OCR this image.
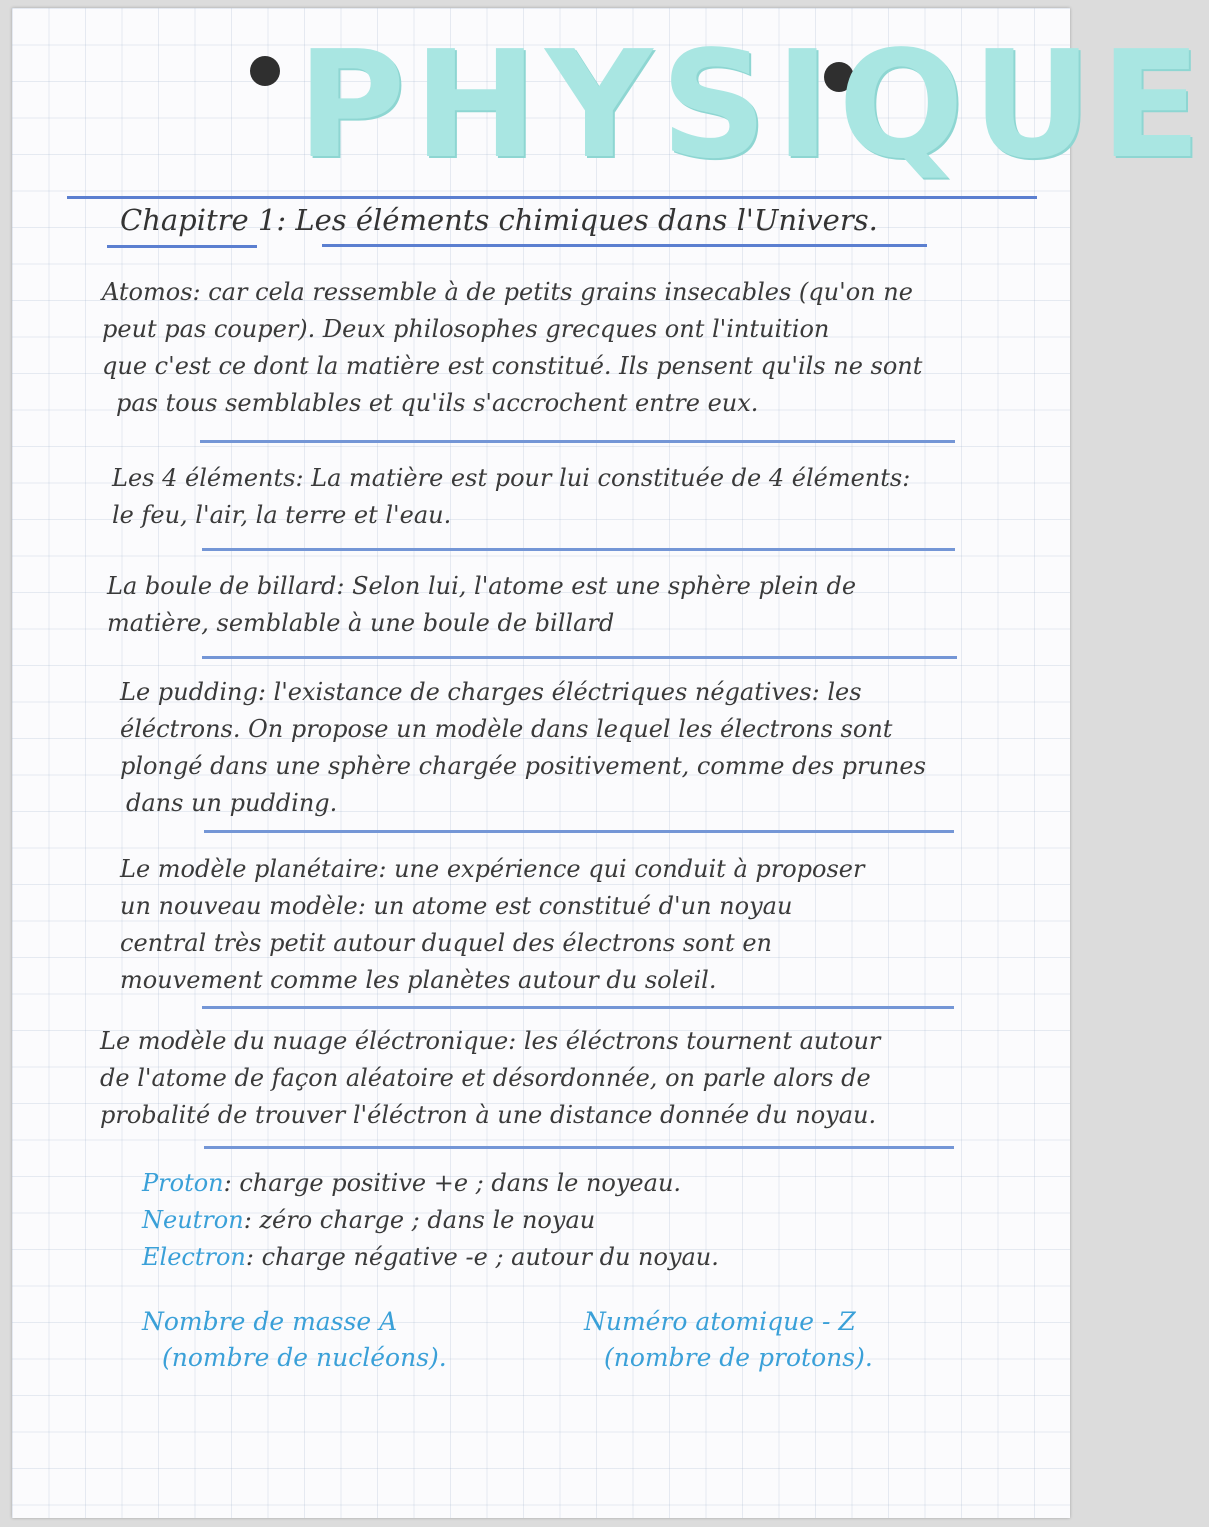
PHYSIQUE
Chapitre 1: Les éléments chimiques dans l'Univers.
Atomos: car cela ressemble à de petits grains insecables (qu'on ne
peut pas couper). Deux philosophes grecques ont l'intuition
que c'est ce dont la matière est constitué. Ils pensent qu'ils ne sont
pas tous semblables et qu'ils s'accrochent entre eux.
Les 4 éléments: La matière est pour lui constituée de 4 éléments:
le feu, l'air, la terre et l'eau.
La boule de billard: Selon lui, l'atome est une sphère plein de
matière, semblable à une boule de billard
Le pudding: l'existance de charges éléctriques négatives: les
éléctrons. On propose un modèle dans lequel les électrons sont
plongé dans une sphère chargée positivement, comme des prunes
dans un pudding.
Le modèle planétaire: une expérience qui conduit à proposer
un nouveau modèle: un atome est constitué d'un noyau
central très petit autour duquel des électrons sont en
mouvement comme les planètes autour du soleil.
Le modèle du nuage éléctronique: les éléctrons tournent autour
de l'atome de façon aléatoire et désordonnée, on parle alors de
probalité de trouver l'éléctron à une distance donnée du noyau.
Proton: charge positive +e ; dans le noyeau.
Neutron: zéro charge ; dans le noyau
Electron: charge négative -e ; autour du noyau.
Nombre de masse A
(nombre de nucléons).
Numéro atomique - Z
(nombre de protons).
